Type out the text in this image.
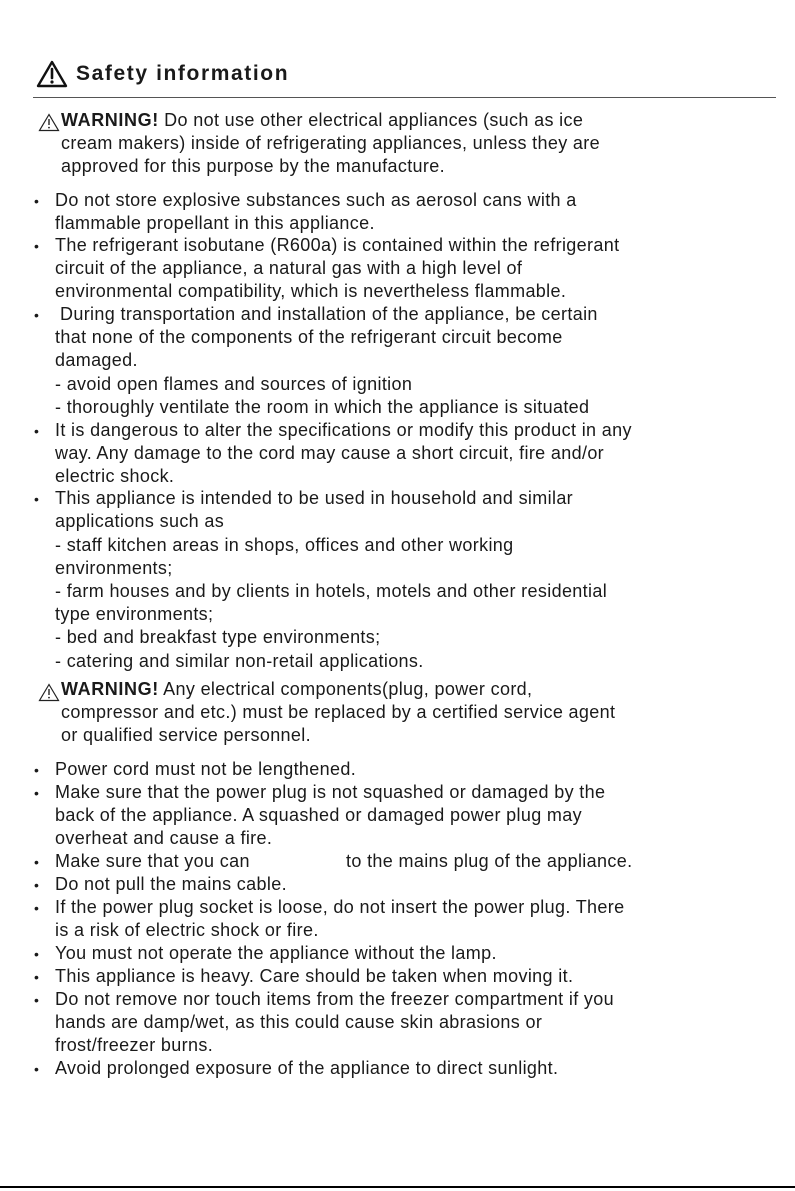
Safety information
WARNING! Do not use other electrical appliances (such as ice
cream makers) inside of refrigerating appliances, unless they are
approved for this purpose by the manufacture.
• Do not store explosive substances such as aerosol cans with a
flammable propellant in this appliance.
• The refrigerant isobutane (R600a) is contained within the refrigerant
circuit of the appliance, a natural gas with a high level of
environmental compatibility, which is nevertheless flammable.
• During transportation and installation of the appliance, be certain
that none of the components of the refrigerant circuit become
damaged.
- avoid open flames and sources of ignition
- thoroughly ventilate the room in which the appliance is situated
• It is dangerous to alter the specifications or modify this product in any
way. Any damage to the cord may cause a short circuit, fire and/or
electric shock.
• This appliance is intended to be used in household and similar
applications such as
- staff kitchen areas in shops, offices and other working
environments;
- farm houses and by clients in hotels, motels and other residential
type environments;
- bed and breakfast type environments;
- catering and similar non-retail applications.
WARNING! Any electrical components(plug, power cord,
compressor and etc.) must be replaced by a certified service agent
or qualified service personnel.
• Power cord must not be lengthened.
• Make sure that the power plug is not squashed or damaged by the
back of the appliance. A squashed or damaged power plug may
overheat and cause a fire.
• Make sure that you can	to the mains plug of the appliance.
• Do not pull the mains cable.
• If the power plug socket is loose, do not insert the power plug. There
is a risk of electric shock or fire.
• You must not operate the appliance without the lamp.
• This appliance is heavy. Care should be taken when moving it.
• Do not remove nor touch items from the freezer compartment if you
hands are damp/wet, as this could cause skin abrasions or
frost/freezer burns.
• Avoid prolonged exposure of the appliance to direct sunlight.
